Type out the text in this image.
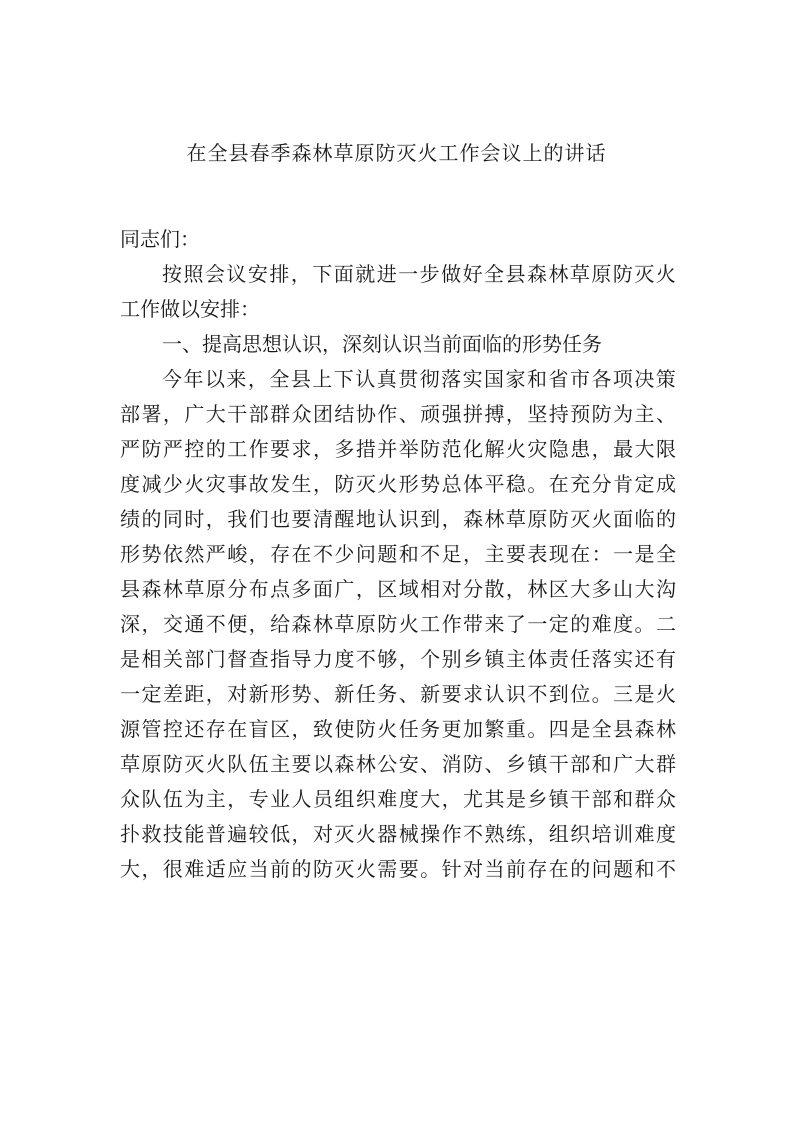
在全县春季森林草原防灭火工作会议上的讲话
同志们：
按 照 会 议 安 排 ， 下 面 就 进 一 步 做 好 全 县 森 林 草 原 防 灭 火
工作做以安排：
一、提高思想认识，深刻认识当前面临的形势任务
今 年 以 来 ， 全 县 上 下 认 真 贯 彻 落 实 国 家 和 省 市 各 项 决 策
部 署 ， 广 大 干 部 群 众 团 结 协 作 、 顽 强 拼 搏 ， 坚 持 预 防 为 主 、
严 防 严 控 的 工 作 要 求 ， 多 措 并 举 防 范 化 解 火 灾 隐 患 ， 最 大 限
度 减 少 火 灾 事 故 发 生 ， 防 灭 火 形 势 总 体 平 稳 。 在 充 分 肯 定 成
绩 的 同 时 ， 我 们 也 要 清 醒 地 认 识 到 ， 森 林 草 原 防 灭 火 面 临 的
形 势 依 然 严 峻 ， 存 在 不 少 问 题 和 不 足 ， 主 要 表 现 在 ： 一 是 全
县 森 林 草 原 分 布 点 多 面 广 ， 区 域 相 对 分 散 ， 林 区 大 多 山 大 沟
深 ， 交 通 不 便 ， 给 森 林 草 原 防 火 工 作 带 来 了 一 定 的 难 度 。 二
是 相 关 部 门 督 查 指 导 力 度 不 够 ， 个 别 乡 镇 主 体 责 任 落 实 还 有
一 定 差 距 ， 对 新 形 势 、 新 任 务 、 新 要 求 认 识 不 到 位 。 三 是 火
源 管 控 还 存 在 盲 区 ， 致 使 防 火 任 务 更 加 繁 重 。 四 是 全 县 森 林
草 原 防 灭 火 队 伍 主 要 以 森 林 公 安 、 消 防 、 乡 镇 干 部 和 广 大 群
众 队 伍 为 主 ， 专 业 人 员 组 织 难 度 大 ， 尤 其 是 乡 镇 干 部 和 群 众
扑 救 技 能 普 遍 较 低 ， 对 灭 火 器 械 操 作 不 熟 练 ， 组 织 培 训 难 度
大 ， 很 难 适 应 当 前 的 防 灭 火 需 要 。 针 对 当 前 存 在 的 问 题 和 不
